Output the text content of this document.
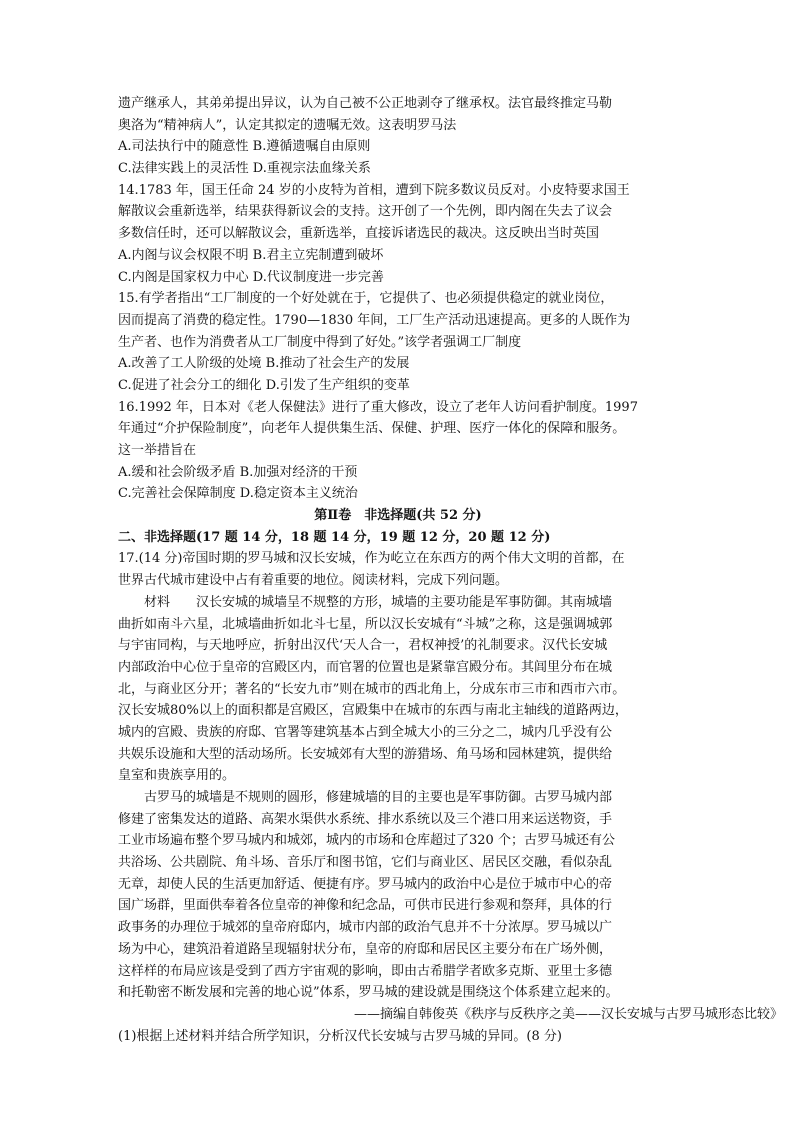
遗产继承人，其弟弟提出异议，认为自己被不公正地剥夺了继承权。法官最终推定马勒
奥洛为“精神病人”，认定其拟定的遗嘱无效。这表明罗马法
A.司法执行中的随意性 B.遵循遗嘱自由原则
C.法律实践上的灵活性 D.重视宗法血缘关系
14.1783 年，国王任命 24 岁的小皮特为首相，遭到下院多数议员反对。小皮特要求国王
解散议会重新选举，结果获得新议会的支持。这开创了一个先例，即内阁在失去了议会
多数信任时，还可以解散议会，重新选举，直接诉诸选民的裁决。这反映出当时英国
A.内阁与议会权限不明 B.君主立宪制遭到破坏
C.内阁是国家权力中心 D.代议制度进一步完善
15.有学者指出“工厂制度的一个好处就在于，它提供了、也必须提供稳定的就业岗位，
因而提高了消费的稳定性。1790—1830 年间，工厂生产活动迅速提高。更多的人既作为
生产者、也作为消费者从工厂制度中得到了好处。”该学者强调工厂制度
A.改善了工人阶级的处境 B.推动了社会生产的发展
C.促进了社会分工的细化 D.引发了生产组织的变革
16.1992 年，日本对《老人保健法》进行了重大修改，设立了老年人访问看护制度。1997
年通过“介护保险制度”，向老年人提供集生活、保健、护理、医疗一体化的保障和服务。
这一举措旨在
A.缓和社会阶级矛盾 B.加强对经济的干预
C.完善社会保障制度 D.稳定资本主义统治
第Ⅱ卷　非选择题(共 52 分)
二、非选择题(17 题 14 分，18 题 14 分，19 题 12 分，20 题 12 分)
17.(14 分)帝国时期的罗马城和汉长安城，作为屹立在东西方的两个伟大文明的首都，在
世界古代城市建设中占有着重要的地位。阅读材料，完成下列问题。
材料　　汉长安城的城墙呈不规整的方形，城墙的主要功能是军事防御。其南城墙
曲折如南斗六星，北城墙曲折如北斗七星，所以汉长安城有“斗城”之称，这是强调城郭
与宇宙同构，与天地呼应，折射出汉代‘天人合一，君权神授’的礼制要求。汉代长安城
内部政治中心位于皇帝的宫殿区内，而官署的位置也是紧靠宫殿分布。其闾里分布在城
北，与商业区分开；著名的“长安九市”则在城市的西北角上，分成东市三市和西市六市。
汉长安城80%以上的面积都是宫殿区，宫殿集中在城市的东西与南北主轴线的道路两边，
城内的宫殿、贵族的府邸、官署等建筑基本占到全城大小的三分之二，城内几乎没有公
共娱乐设施和大型的活动场所。长安城郊有大型的游猎场、角马场和园林建筑，提供给
皇室和贵族享用的。
古罗马的城墙是不规则的圆形，修建城墙的目的主要也是军事防御。古罗马城内部
修建了密集发达的道路、高架水渠供水系统、排水系统以及三个港口用来运送物资，手
工业市场遍布整个罗马城内和城郊，城内的市场和仓库超过了320 个；古罗马城还有公
共浴场、公共剧院、角斗场、音乐厅和图书馆，它们与商业区、居民区交融，看似杂乱
无章，却使人民的生活更加舒适、便捷有序。罗马城内的政治中心是位于城市中心的帝
国广场群，里面供奉着各位皇帝的神像和纪念品，可供市民进行参观和祭拜，具体的行
政事务的办理位于城郊的皇帝府邸内，城市内部的政治气息并不十分浓厚。罗马城以广
场为中心，建筑沿着道路呈现辐射状分布，皇帝的府邸和居民区主要分布在广场外侧，
这样样的布局应该是受到了西方宇宙观的影响，即由古希腊学者欧多克斯、亚里士多德
和托勒密不断发展和完善的地心说”体系，罗马城的建设就是围绕这个体系建立起来的。
——摘编自韩俊英《秩序与反秩序之美——汉长安城与古罗马城形态比较》
(1)根据上述材料并结合所学知识，分析汉代长安城与古罗马城的异同。(8 分)
